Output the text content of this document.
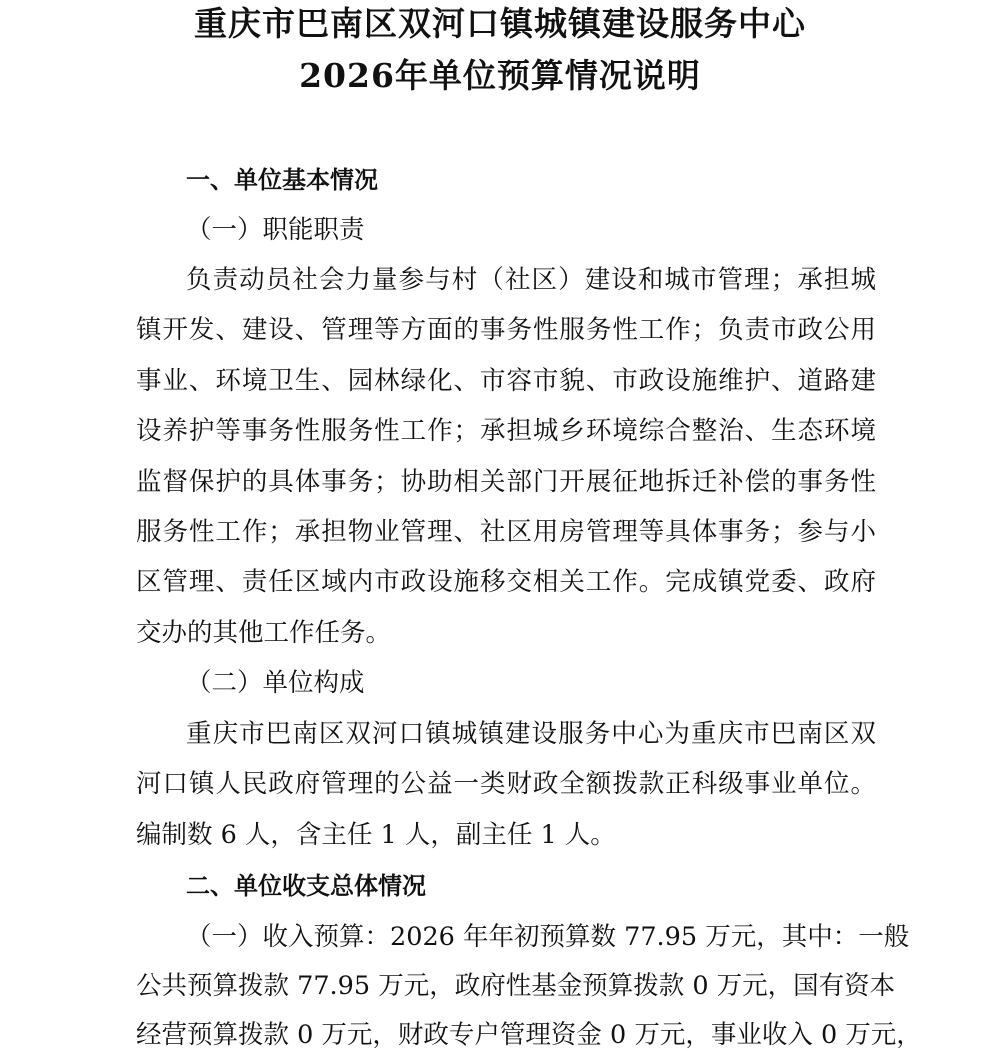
重庆市巴南区双河口镇城镇建设服务中心
2026年单位预算情况说明
一、单位基本情况
（一）职能职责
负责动员社会力量参与村（社区）建设和城市管理；承担城
镇开发、建设、管理等方面的事务性服务性工作；负责市政公用
事业、环境卫生、园林绿化、市容市貌、市政设施维护、道路建
设养护等事务性服务性工作；承担城乡环境综合整治、生态环境
监督保护的具体事务；协助相关部门开展征地拆迁补偿的事务性
服务性工作；承担物业管理、社区用房管理等具体事务；参与小
区管理、责任区域内市政设施移交相关工作。完成镇党委、政府
交办的其他工作任务。
（二）单位构成
重庆市巴南区双河口镇城镇建设服务中心为重庆市巴南区双
河口镇人民政府管理的公益一类财政全额拨款正科级事业单位。
编制数 6 人，含主任 1 人，副主任 1 人。
二、单位收支总体情况
（一）收入预算：2026 年年初预算数 77.95 万元，其中：一般
公共预算拨款 77.95 万元，政府性基金预算拨款 0 万元，国有资本
经营预算拨款 0 万元，财政专户管理资金 0 万元，事业收入 0 万元，
